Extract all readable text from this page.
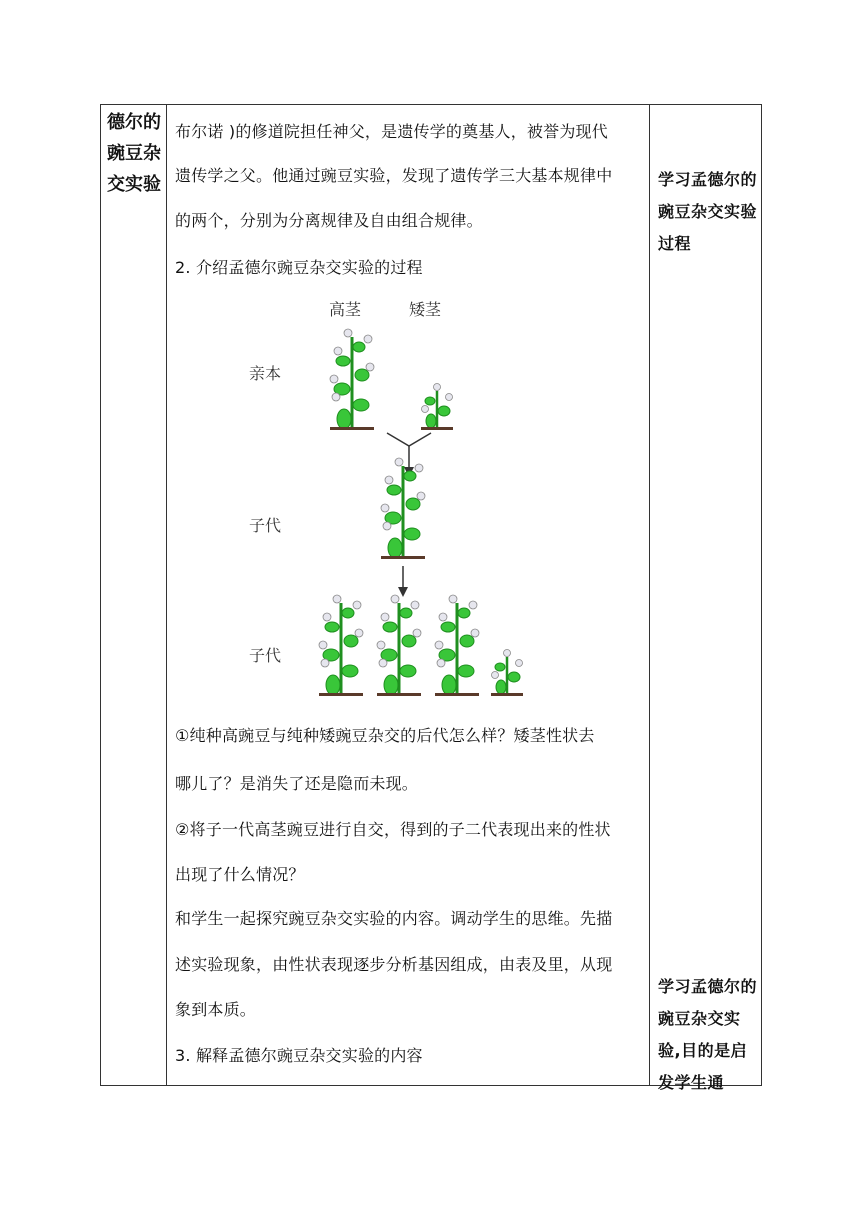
德尔的豌豆杂交实验
布尔诺 )的修道院担任神父，是遗传学的奠基人，被誉为现代
遗传学之父。他通过豌豆实验，发现了遗传学三大基本规律中
的两个，分别为分离规律及自由组合规律。
2. 介绍孟德尔豌豆杂交实验的过程
高茎	矮茎
亲本
子代
子代
①纯种高豌豆与纯种矮豌豆杂交的后代怎么样？矮茎性状去
哪儿了？是消失了还是隐而未现。
②将子一代高茎豌豆进行自交，得到的子二代表现出来的性状
出现了什么情况？
和学生一起探究豌豆杂交实验的内容。调动学生的思维。先描
述实验现象，由性状表现逐步分析基因组成，由表及里，从现
象到本质。
3. 解释孟德尔豌豆杂交实验的内容
学习孟德尔的豌豆杂交实验过程
学习孟德尔的豌豆杂交实验,目的是启发学生通
